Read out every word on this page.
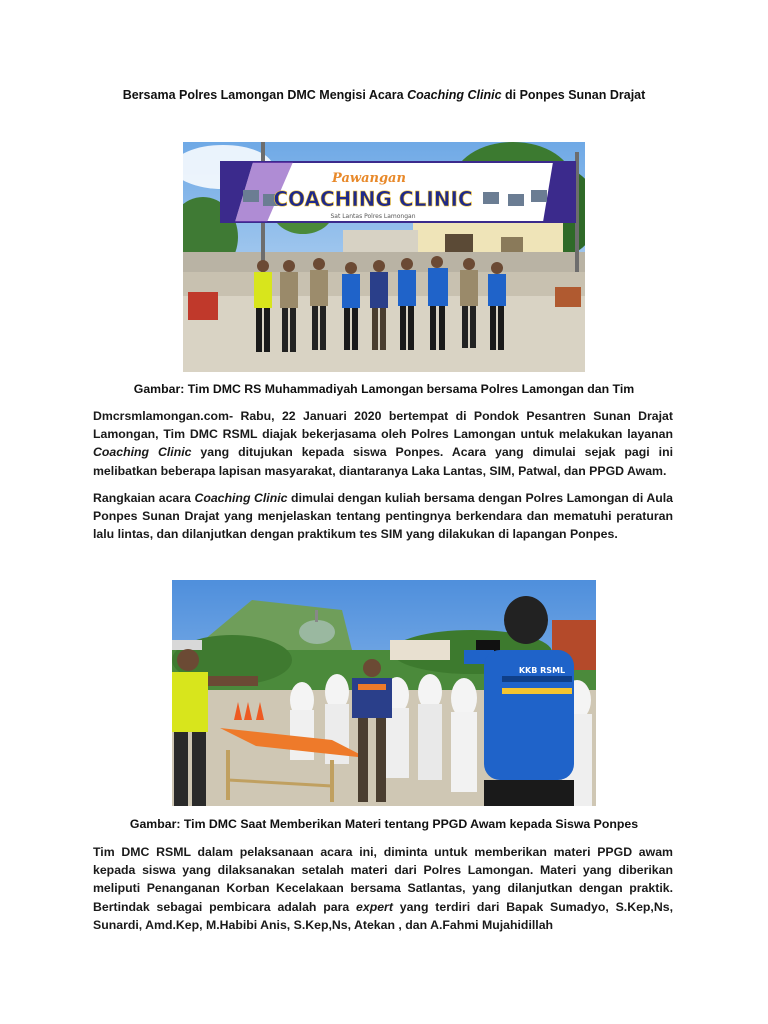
Bersama Polres Lamongan DMC Mengisi Acara Coaching Clinic di Ponpes Sunan Drajat
Pawangan
COACHING CLINIC
Sat Lantas Polres Lamongan
Gambar: Tim DMC RS Muhammadiyah Lamongan bersama Polres Lamongan dan Tim
Dmcrsmlamongan.com- Rabu, 22 Januari 2020 bertempat di Pondok Pesantren Sunan Drajat Lamongan, Tim DMC RSML diajak bekerjasama oleh Polres Lamongan untuk melakukan layanan Coaching Clinic yang ditujukan kepada siswa Ponpes. Acara yang dimulai sejak pagi ini melibatkan beberapa lapisan masyarakat, diantaranya Laka Lantas, SIM, Patwal, dan PPGD Awam.
Rangkaian acara Coaching Clinic dimulai dengan kuliah bersama dengan Polres Lamongan di Aula Ponpes Sunan Drajat yang menjelaskan tentang pentingnya berkendara dan mematuhi peraturan lalu lintas, dan dilanjutkan dengan praktikum tes SIM yang dilakukan di lapangan Ponpes.
KKB RSML
Gambar: Tim DMC Saat Memberikan Materi tentang PPGD Awam kepada Siswa Ponpes
Tim DMC RSML dalam pelaksanaan acara ini, diminta untuk memberikan materi PPGD awam kepada siswa yang dilaksanakan setalah materi dari Polres Lamongan. Materi yang diberikan meliputi Penanganan Korban Kecelakaan bersama Satlantas, yang dilanjutkan dengan praktik. Bertindak sebagai pembicara adalah para expert yang terdiri dari Bapak Sumadyo, S.Kep,Ns, Sunardi, Amd.Kep, M.Habibi Anis, S.Kep,Ns, Atekan , dan A.Fahmi Mujahidillah
